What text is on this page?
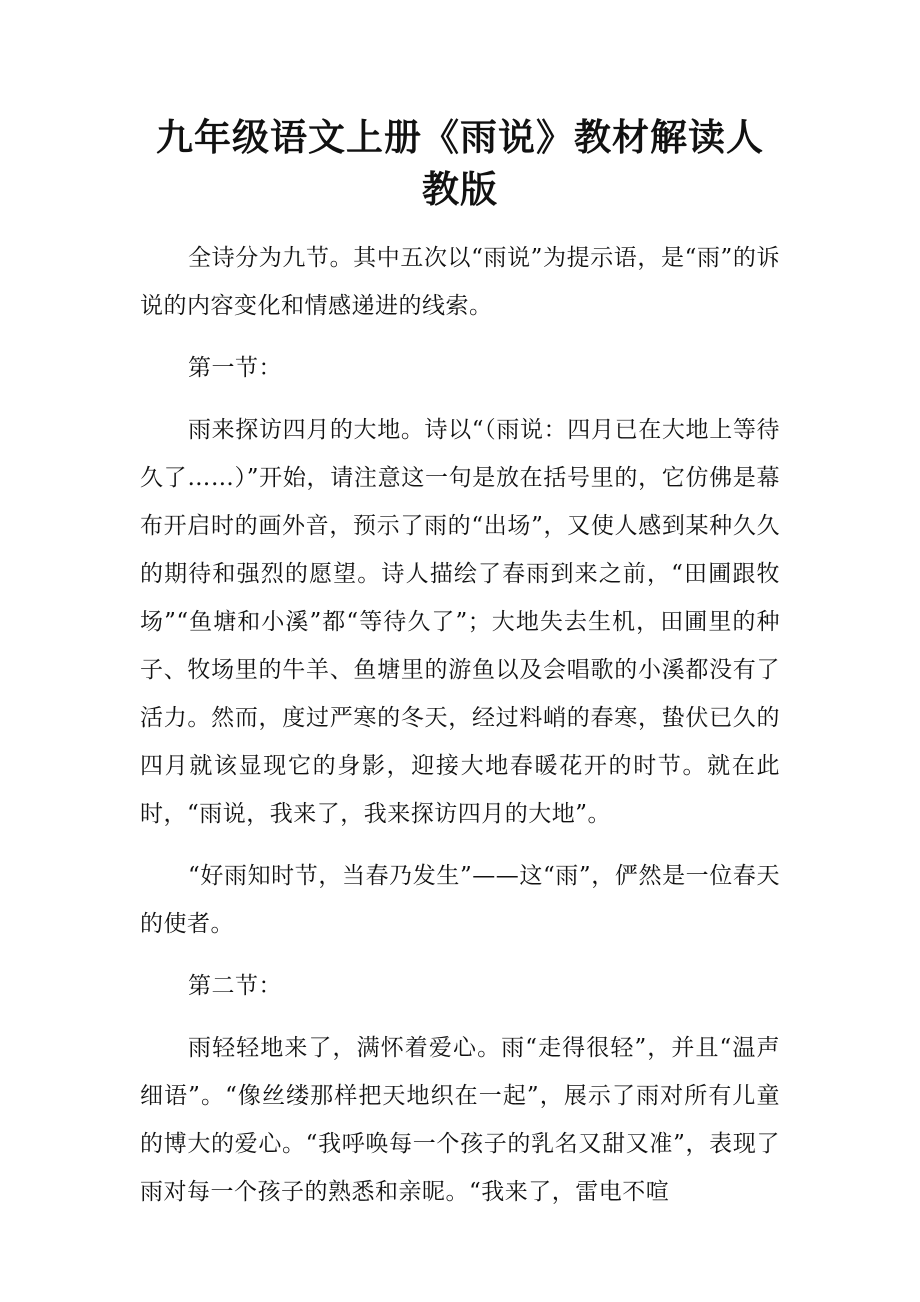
九年级语文上册《雨说》教材解读人教版

全诗分为九节。其中五次以“雨说”为提示语，是“雨”的诉说的内容变化和情感递进的线索。

第一节：

雨来探访四月的大地。诗以“（雨说：四月已在大地上等待久了……）”开始，请注意这一句是放在括号里的，它仿佛是幕布开启时的画外音，预示了雨的“出场”，又使人感到某种久久的期待和强烈的愿望。诗人描绘了春雨到来之前，“田圃跟牧场”“鱼塘和小溪”都“等待久了”；大地失去生机，田圃里的种子、牧场里的牛羊、鱼塘里的游鱼以及会唱歌的小溪都没有了活力。然而，度过严寒的冬天，经过料峭的春寒，蛰伏已久的四月就该显现它的身影，迎接大地春暖花开的时节。就在此时，“雨说，我来了，我来探访四月的大地”。

“好雨知时节，当春乃发生”——这“雨”，俨然是一位春天的使者。

第二节：

雨轻轻地来了，满怀着爱心。雨“走得很轻”，并且“温声细语”。“像丝缕那样把天地织在一起”，展示了雨对所有儿童的博大的爱心。“我呼唤每一个孩子的乳名又甜又准”，表现了雨对每一个孩子的熟悉和亲昵。“我来了，雷电不喧
